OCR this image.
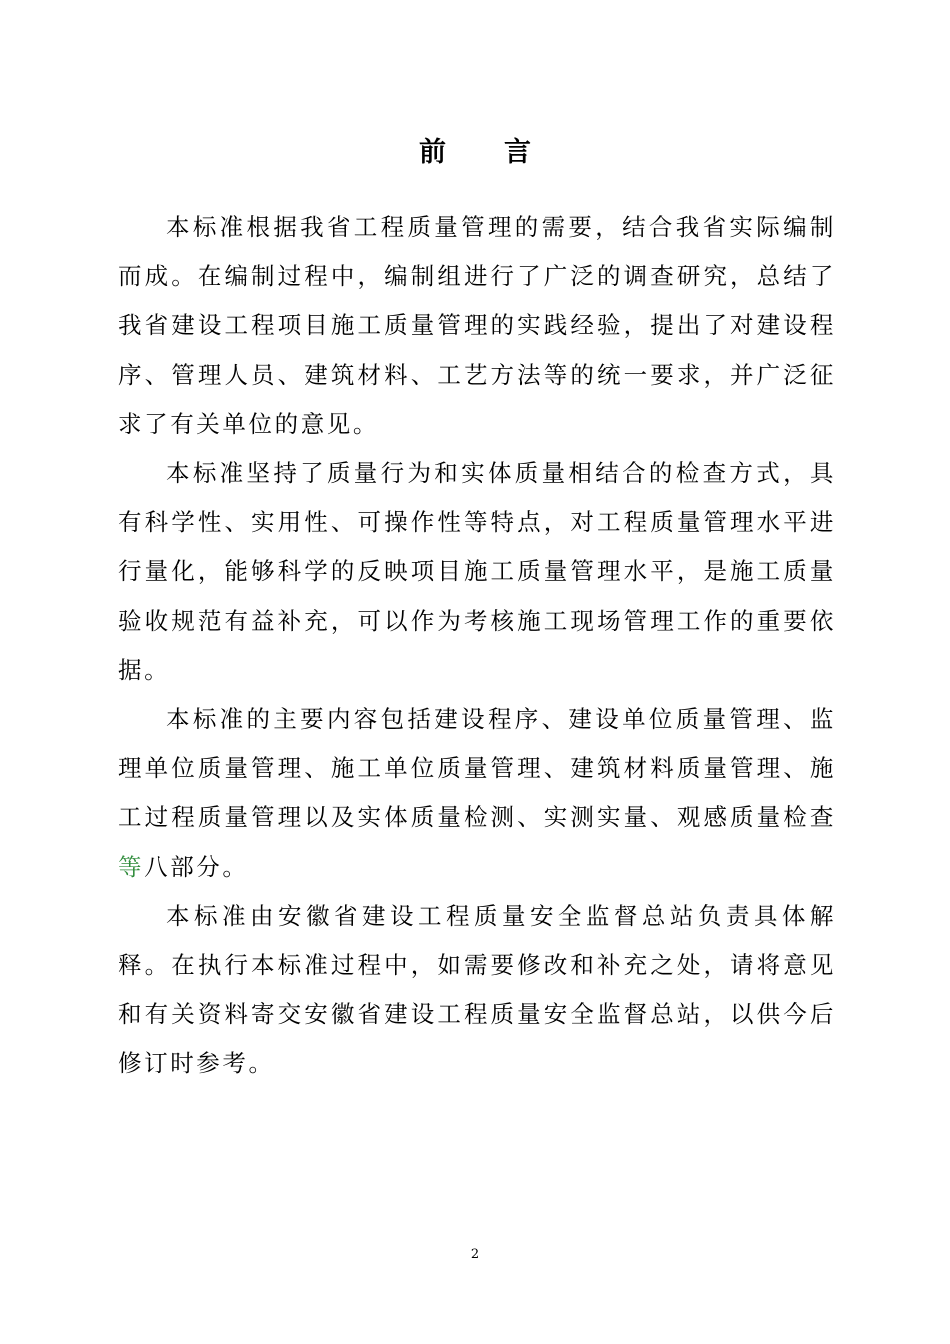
前 言

本标准根据我省工程质量管理的需要，结合我省实际编制而成。在编制过程中，编制组进行了广泛的调查研究，总结了我省建设工程项目施工质量管理的实践经验，提出了对建设程序、管理人员、建筑材料、工艺方法等的统一要求，并广泛征求了有关单位的意见。

本标准坚持了质量行为和实体质量相结合的检查方式，具有科学性、实用性、可操作性等特点，对工程质量管理水平进行量化，能够科学的反映项目施工质量管理水平，是施工质量验收规范有益补充，可以作为考核施工现场管理工作的重要依据。

本标准的主要内容包括建设程序、建设单位质量管理、监理单位质量管理、施工单位质量管理、建筑材料质量管理、施工过程质量管理以及实体质量检测、实测实量、观感质量检查等八部分。

本标准由安徽省建设工程质量安全监督总站负责具体解释。在执行本标准过程中，如需要修改和补充之处，请将意见和有关资料寄交安徽省建设工程质量安全监督总站，以供今后修订时参考。

2
